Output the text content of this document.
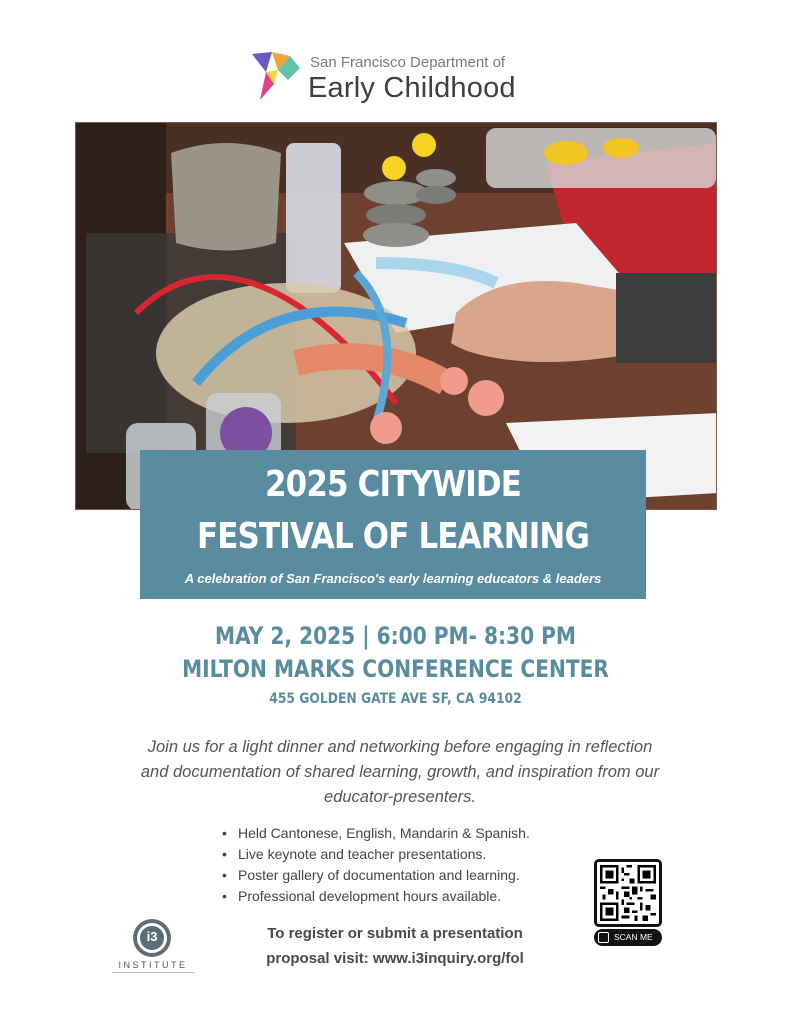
San Francisco Department of
Early Childhood
2025 CITYWIDE
FESTIVAL OF LEARNING
A celebration of San Francisco's early learning educators & leaders
MAY 2, 2025 | 6:00 PM- 8:30 PM
MILTON MARKS CONFERENCE CENTER
455 GOLDEN GATE AVE SF, CA 94102

Join us for a light dinner and networking before engaging in reflection and documentation of shared learning, growth, and inspiration from our educator-presenters.

• Held Cantonese, English, Mandarin & Spanish.
• Live keynote and teacher presentations.
• Poster gallery of documentation and learning.
• Professional development hours available.
To register or submit a presentation
proposal visit: www.i3inquiry.org/fol
SCAN ME
i3
INSTITUTE
